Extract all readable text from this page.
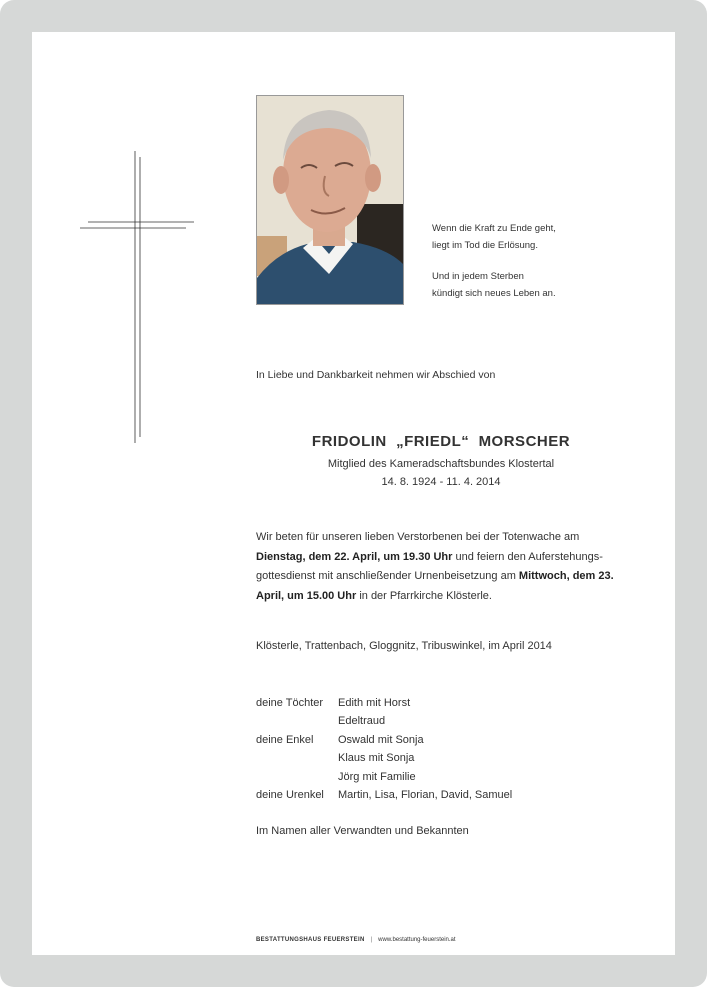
Wenn die Kraft zu Ende geht,
liegt im Tod die Erlösung.

Und in jedem Sterben
kündigt sich neues Leben an.

In Liebe und Dankbarkeit nehmen wir Abschied von
FRIDOLIN  „FRIEDL“  MORSCHER
Mitglied des Kameradschaftsbundes Klostertal
14. 8. 1924 - 11. 4. 2014
Wir beten für unseren lieben Verstorbenen bei der Totenwache am Dienstag, dem 22. April, um 19.30 Uhr und feiern den Auferstehungs-gottesdienst mit anschließender Urnenbeisetzung am Mittwoch, dem 23. April, um 15.00 Uhr in der Pfarrkirche Klösterle.
Klösterle, Trattenbach, Gloggnitz, Tribuswinkel, im April 2014
deine Töchter	Edith mit Horst
Edeltraud
deine Enkel	Oswald mit Sonja
Klaus mit Sonja
Jörg mit Familie
deine Urenkel	Martin, Lisa, Florian, David, Samuel
Im Namen aller Verwandten und Bekannten
BESTATTUNGSHAUS FEUERSTEIN | www.bestattung-feuerstein.at
